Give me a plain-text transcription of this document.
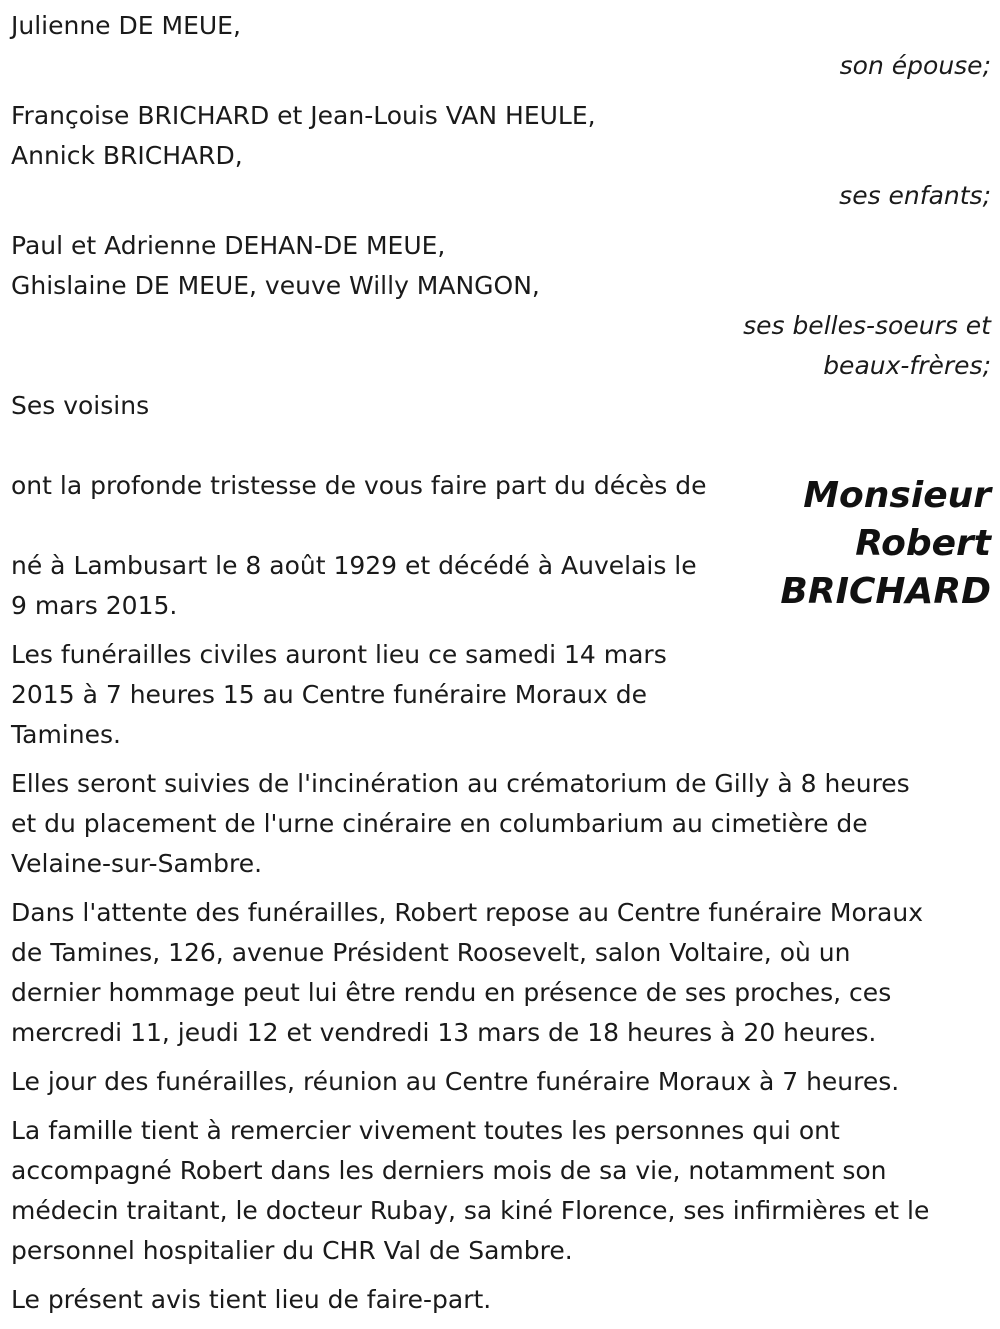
Julienne DE MEUE,
son épouse;
Françoise BRICHARD et Jean-Louis VAN HEULE,
Annick BRICHARD,
ses enfants;
Paul et Adrienne DEHAN-DE MEUE,
Ghislaine DE MEUE, veuve Willy MANGON,
ses belles-soeurs et
beaux-frères;
Ses voisins
ont la profonde tristesse de vous faire part du décès de
né à Lambusart le 8 août 1929 et décédé à Auvelais le
9 mars 2015.
Les funérailles civiles auront lieu ce samedi 14 mars
2015 à 7 heures 15 au Centre funéraire Moraux de
Tamines.
Elles seront suivies de l'incinération au crématorium de Gilly à 8 heures
et du placement de l'urne cinéraire en columbarium au cimetière de
Velaine-sur-Sambre.
Dans l'attente des funérailles, Robert repose au Centre funéraire Moraux
de Tamines, 126, avenue Président Roosevelt, salon Voltaire, où un
dernier hommage peut lui être rendu en présence de ses proches, ces
mercredi 11, jeudi 12 et vendredi 13 mars de 18 heures à 20 heures.
Le jour des funérailles, réunion au Centre funéraire Moraux à 7 heures.
La famille tient à remercier vivement toutes les personnes qui ont
accompagné Robert dans les derniers mois de sa vie, notamment son
médecin traitant, le docteur Rubay, sa kiné Florence, ses infirmières et le
personnel hospitalier du CHR Val de Sambre.
Le présent avis tient lieu de faire-part.
Monsieur
Robert
BRICHARD
